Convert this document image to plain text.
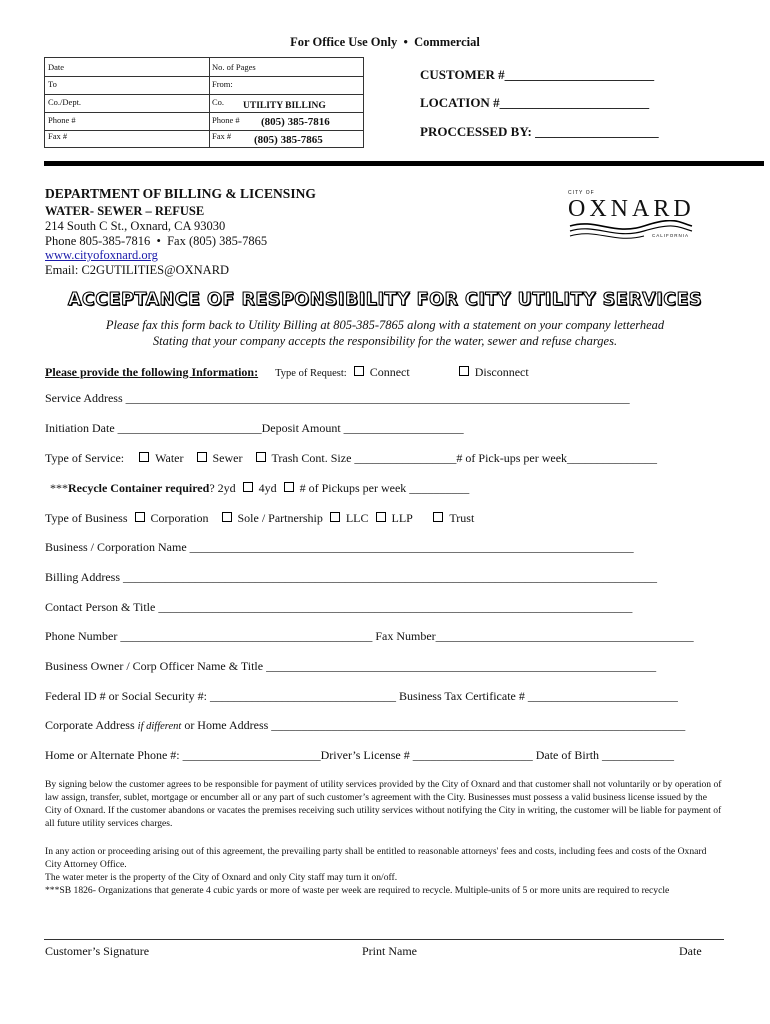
For Office Use Only  •  Commercial
Date	No. of Pages
To	From:
Co./Dept.	Co. UTILITY BILLING
Phone #	Phone # (805) 385-7816
Fax #	Fax # (805) 385-7865
CUSTOMER #_______________________
LOCATION #_______________________
PROCCESSED BY: ___________________
DEPARTMENT OF BILLING & LICENSING
WATER- SEWER – REFUSE
214 South C St., Oxnard, CA 93030
Phone 805-385-7816  •  Fax (805) 385-7865
www.cityofoxnard.org
Email: C2GUTILITIES@OXNARD
CITY OF
OXNARD
CALIFORNIA
ACCEPTANCE OF RESPONSIBILITY FOR CITY UTILITY SERVICES
Please fax this form back to Utility Billing at 805-385-7865 along with a statement on your company letterhead
Stating that your company accepts the responsibility for the water, sewer and refuse charges.
Please provide the following Information: Type of Request: Connect	Disconnect
Service Address ____________________________________________________________________________________
Initiation Date ________________________Deposit Amount ____________________
Type of Service:	Water Sewer Trash Cont. Size _________________# of Pick-ups per week_______________
***Recycle Container required? 2yd 4yd # of Pickups per week __________
Type of Business Corporation Sole / Partnership LLC LLP	Trust
Business / Corporation Name __________________________________________________________________________
Billing Address _________________________________________________________________________________________
Contact Person & Title _______________________________________________________________________________
Phone Number __________________________________________ Fax Number___________________________________________
Business Owner / Corp Officer Name & Title _________________________________________________________________
Federal ID # or Social Security #: _______________________________ Business Tax Certificate # _________________________
Corporate Address if different or Home Address _____________________________________________________________________
Home or Alternate Phone #: _______________________Driver’s License # ____________________ Date of Birth ____________
By signing below the customer agrees to be responsible for payment of utility services provided by the City of Oxnard and that customer shall not voluntarily or by operation of law assign, transfer, sublet, mortgage or encumber all or any part of such customer’s agreement with the City. Businesses must possess a valid business license issued by the City of Oxnard. If the customer abandons or vacates the premises receiving such utility services without notifying the City in writing, the customer will be liable for payment of all future utility services charges.
In any action or proceeding arising out of this agreement, the prevailing party shall be entitled to reasonable attorneys' fees and costs, including fees and costs of the Oxnard City Attorney Office.
The water meter is the property of the City of Oxnard and only City staff may turn it on/off.
***SB 1826- Organizations that generate 4 cubic yards or more of waste per week are required to recycle. Multiple-units of 5 or more units are required to recycle
Customer’s Signature	Print Name	Date
